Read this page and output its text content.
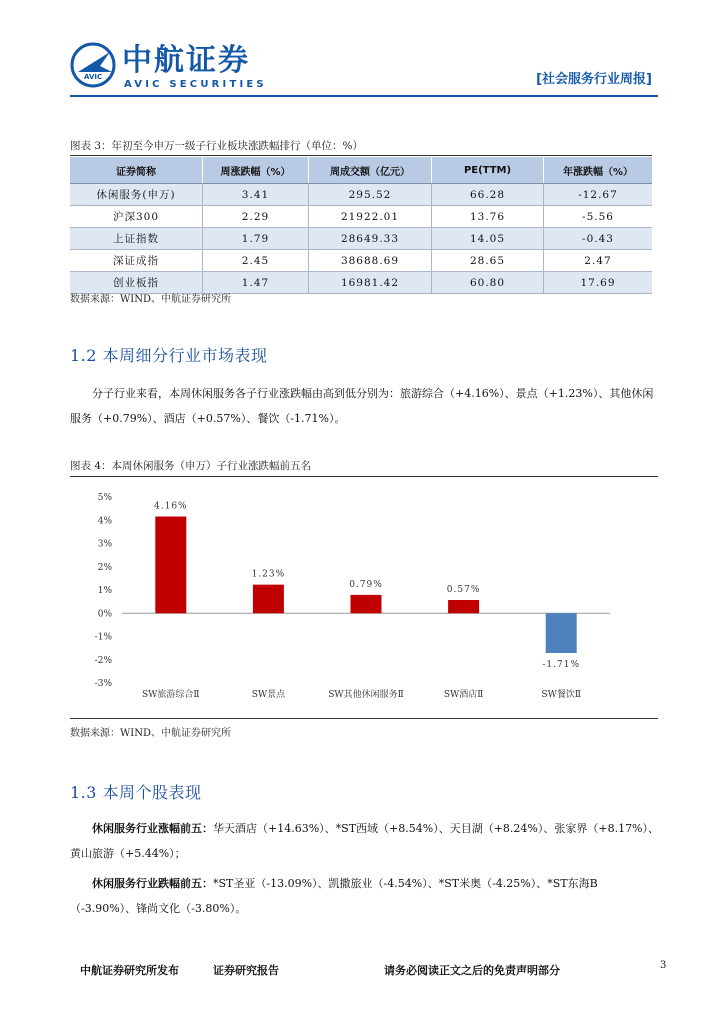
AVIC 中航证券
AVIC SECURITIES	[社会服务行业周报]
图表 3：年初至今申万一级子行业板块涨跌幅排行（单位：%）
证券简称	周涨跌幅（%）	周成交额（亿元）	PE(TTM)	年涨跌幅（%）
休闲服务(申万)	3.41	295.52	66.28	-12.67
沪深300	2.29	21922.01	13.76	-5.56
上证指数	1.79	28649.33	14.05	-0.43
深证成指	2.45	38688.69	28.65	2.47
创业板指	1.47	16981.42	60.80	17.69
数据来源：WIND、中航证券研究所
1.2 本周细分行业市场表现
分子行业来看，本周休闲服务各子行业涨跌幅由高到低分别为：旅游综合（+4.16%）、景点（+1.23%）、其他休闲服务（+0.79%）、酒店（+0.57%）、餐饮（-1.71%）。
图表 4：本周休闲服务（申万）子行业涨跌幅前五名
5%
4%
3%
2%
1%
0%
-1%
-2%
-3%
4.16%
SW旅游综合Ⅱ
1.23%
SW景点
0.79%
SW其他休闲服务Ⅱ
0.57%
SW酒店Ⅱ
-1.71%
SW餐饮Ⅱ
数据来源：WIND、中航证券研究所
1.3 本周个股表现
休闲服务行业涨幅前五：华天酒店（+14.63%）、*ST西域（+8.54%）、天目湖（+8.24%）、张家界（+8.17%）、黄山旅游（+5.44%）；
休闲服务行业跌幅前五：*ST圣亚（-13.09%）、凯撒旅业（-4.54%）、*ST米奥（-4.25%）、*ST东海B（-3.90%）、锋尚文化（-3.80%）。
中航证券研究所发布	证券研究报告	请务必阅读正文之后的免责声明部分	3
